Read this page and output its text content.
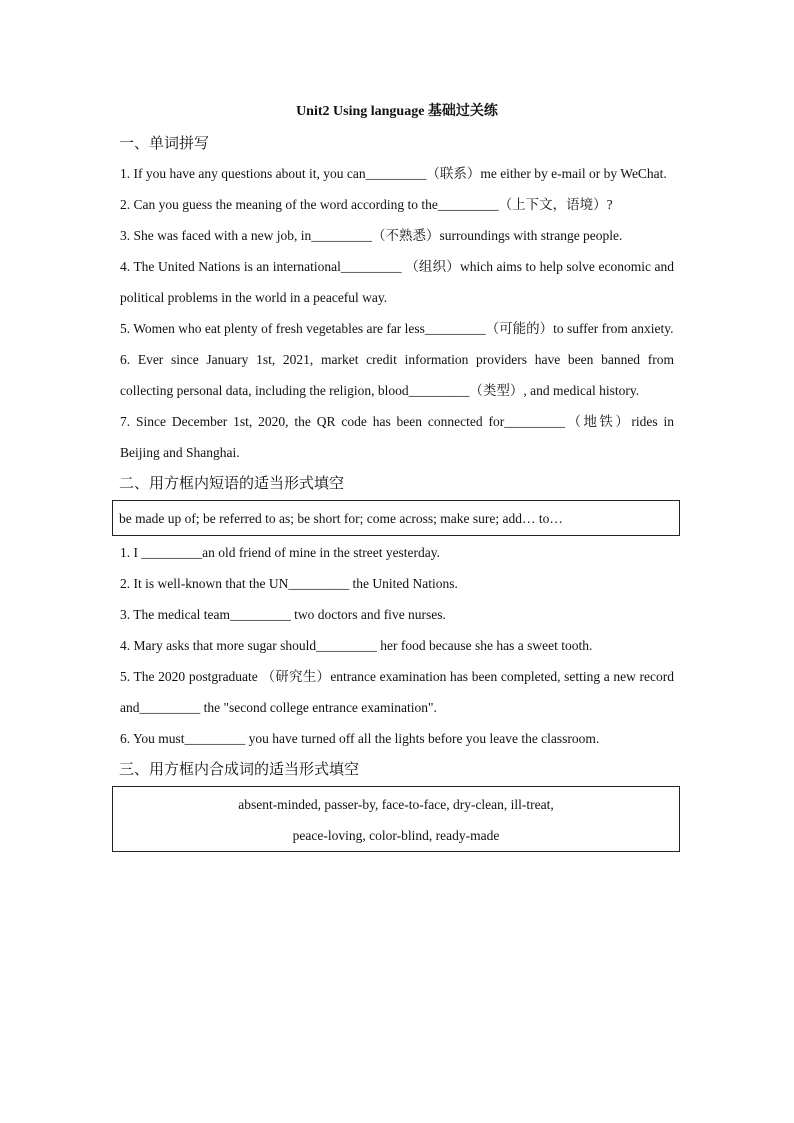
Unit2 Using language 基础过关练
一、单词拼写

1. If you have any questions about it, you can_________（联系）me either by e-mail or by WeChat.

2. Can you guess the meaning of the word according to the_________（上下文，语境）?

3. She was faced with a new job, in_________（不熟悉）surroundings with strange people.

4. The United Nations is an international_________ （组织）which aims to help solve economic and political problems in the world in a peaceful way.

5. Women who eat plenty of fresh vegetables are far less_________（可能的）to suffer from anxiety.

6. Ever since January 1st, 2021, market credit information providers have been banned from collecting personal data, including the religion, blood_________（类型）, and medical history.

7. Since December 1st, 2020, the QR code has been connected for_________（地铁）rides in Beijing and Shanghai.

二、用方框内短语的适当形式填空
be made up of; be referred to as; be short for; come across; make sure; add… to…

1. I _________an old friend of mine in the street yesterday.

2. It is well-known that the UN_________ the United Nations.

3. The medical team_________ two doctors and five nurses.

4. Mary asks that more sugar should_________ her food because she has a sweet tooth.

5. The 2020 postgraduate （研究生）entrance examination has been completed, setting a new record and_________ the "second college entrance examination".

6. You must_________ you have turned off all the lights before you leave the classroom.

三、用方框内合成词的适当形式填空
absent-minded, passer-by, face-to-face, dry-clean, ill-treat,
peace-loving, color-blind, ready-made
